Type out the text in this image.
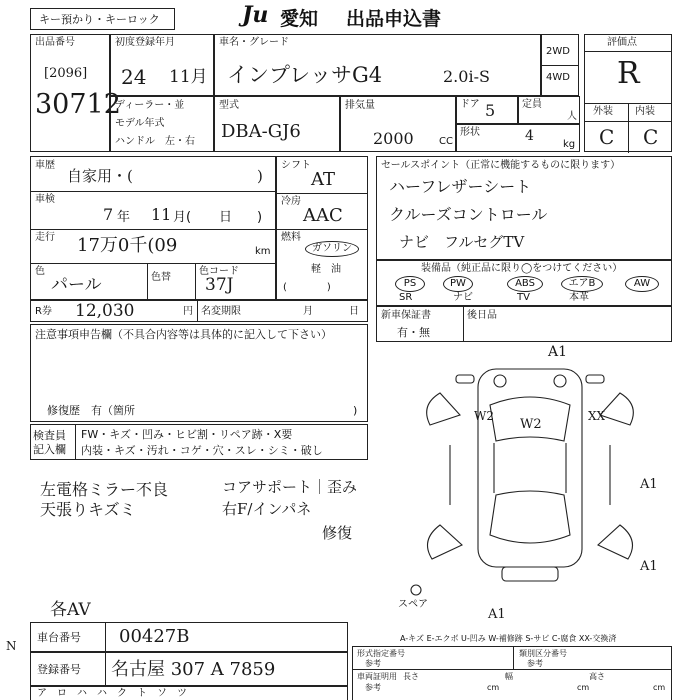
キー預かり・キーロック	Ju 愛知 出品申込書
出品番号
[2096]
30712
初度登録年月
24 11月
車名・グレード
インプレッサG4	2.0i-S
2WD
4WD
評価点
R
外装 内装
C C
ディーラー・並
モデル年式
ハンドル　左・右
型式
DBA-GJ6
排気量
2000	CC
ドア 5	定員
人
形状	4
kg
車歴
自家用・(	)
車検
7 年 11 月( 日 )
走行 17万0千(09	km
色
パール	色替
色コード
37J
シフト
AT
冷房
AAC
燃料
ガソリン
軽　油
(　　　　)
R券 12,030	円 名変期限	月	日
セールスポイント（正常に機能するものに限ります）
ハーフレザーシート
クルーズコントロール
ナビ　フルセグTV
装備品（純正品に限り◯をつけてください）
PS	PW	ABS	エアB	AW
SR	ナビ	TV	本革
新車保証書
有・無
後日品
注意事項申告欄（不具合内容等は具体的に記入して下さい）
修復歴　有（箇所	)
検査員記入欄
FW・キズ・凹み・ヒビ割・リペア跡・X要
内装・キズ・汚れ・コゲ・穴・スレ・シミ・破し
左電格ミラー不良
天張りキズミ
コアサポート｜歪み
右F/インパネ
修復
各AV
A1
W2
W2
XX
A1
A1
A1
スペア
A-キズ E-エクボ U-凹み W-補修跡 S-サビ C-腐食 XX-交換済
N
車台番号 00427B
登録番号 名古屋 307 A 7859
ア　ロ　ハ　ハ　ク　ト　ソ　ツ
形式指定番号
参考
類別区分番号
参考
車両証明用
参考
長さ
cm
幅
cm
高さ
cm
